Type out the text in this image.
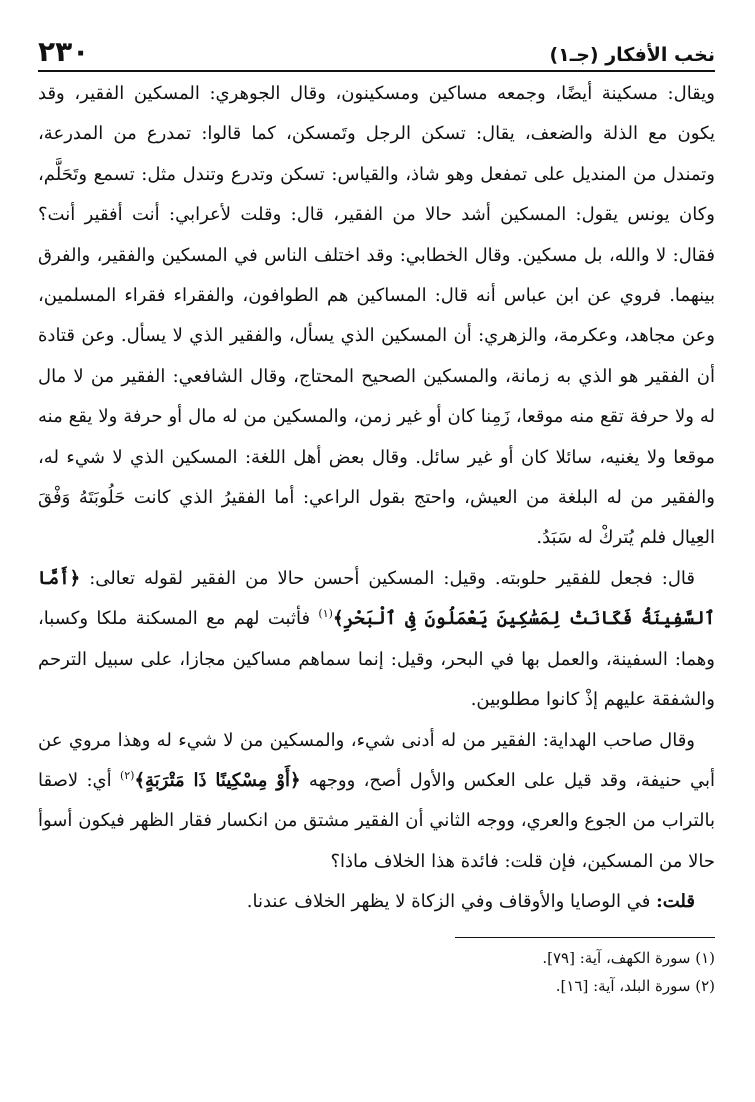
نخب الأفكار (جـ١)
٢٣٠

ويقال: مسكينة أيضًا، وجمعه مساكين ومسكينون، وقال الجوهري: المسكين الفقير، وقد يكون مع الذلة والضعف، يقال: تسكن الرجل وتَمسكن، كما قالوا: تمدرع من المدرعة، وتمندل من المنديل على تمفعل وهو شاذ، والقياس: تسكن وتدرع وتندل مثل: تسمع وتَحَلَّم، وكان يونس يقول: المسكين أشد حالا من الفقير، قال: وقلت لأعرابي: أنت أفقير أنت؟ فقال: لا والله، بل مسكين. وقال الخطابي: وقد اختلف الناس في المسكين والفقير، والفرق بينهما. فروي عن ابن عباس أنه قال: المساكين هم الطوافون، والفقراء فقراء المسلمين، وعن مجاهد، وعكرمة، والزهري: أن المسكين الذي يسأل، والفقير الذي لا يسأل. وعن قتادة أن الفقير هو الذي به زمانة، والمسكين الصحيح المحتاج، وقال الشافعي: الفقير من لا مال له ولا حرفة تقع منه موقعا، زَمِنا كان أو غير زمن، والمسكين من له مال أو حرفة ولا يقع منه موقعا ولا يغنيه، سائلا كان أو غير سائل. وقال بعض أهل اللغة: المسكين الذي لا شيء له، والفقير من له البلغة من العيش، واحتج بقول الراعي: أما الفقيرُ الذي كانت حَلُوبَتَهُ وَفْقَ العِيال فلم يُتركْ له سَبَدُ.

قال: فجعل للفقير حلوبته. وقيل: المسكين أحسن حالا من الفقير لقوله تعالى: ﴿أَمَّا ٱلسَّفِينَةُ فَكَانَتْ لِمَسَٰكِينَ يَعْمَلُونَ فِى ٱلْبَحْرِ﴾$^{(١)}$ فأثبت لهم مع المسكنة ملكا وكسبا، وهما: السفينة، والعمل بها في البحر، وقيل: إنما سماهم مساكين مجازا، على سبيل الترحم والشفقة عليهم إذْ كانوا مطلوبين.

وقال صاحب الهداية: الفقير من له أدنى شيء، والمسكين من لا شيء له وهذا مروي عن أبي حنيفة، وقد قيل على العكس والأول أصح، ووجهه ﴿أَوْ مِسْكِينًا ذَا مَتْرَبَةٍ﴾$^{(٢)}$ أي: لاصقا بالتراب من الجوع والعري، ووجه الثاني أن الفقير مشتق من انكسار فقار الظهر فيكون أسوأ حالا من المسكين، فإن قلت: فائدة هذا الخلاف ماذا؟

قلت: في الوصايا والأوقاف وفي الزكاة لا يظهر الخلاف عندنا.

(١) سورة الكهف، آية: [٧٩].
(٢) سورة البلد، آية: [١٦].
